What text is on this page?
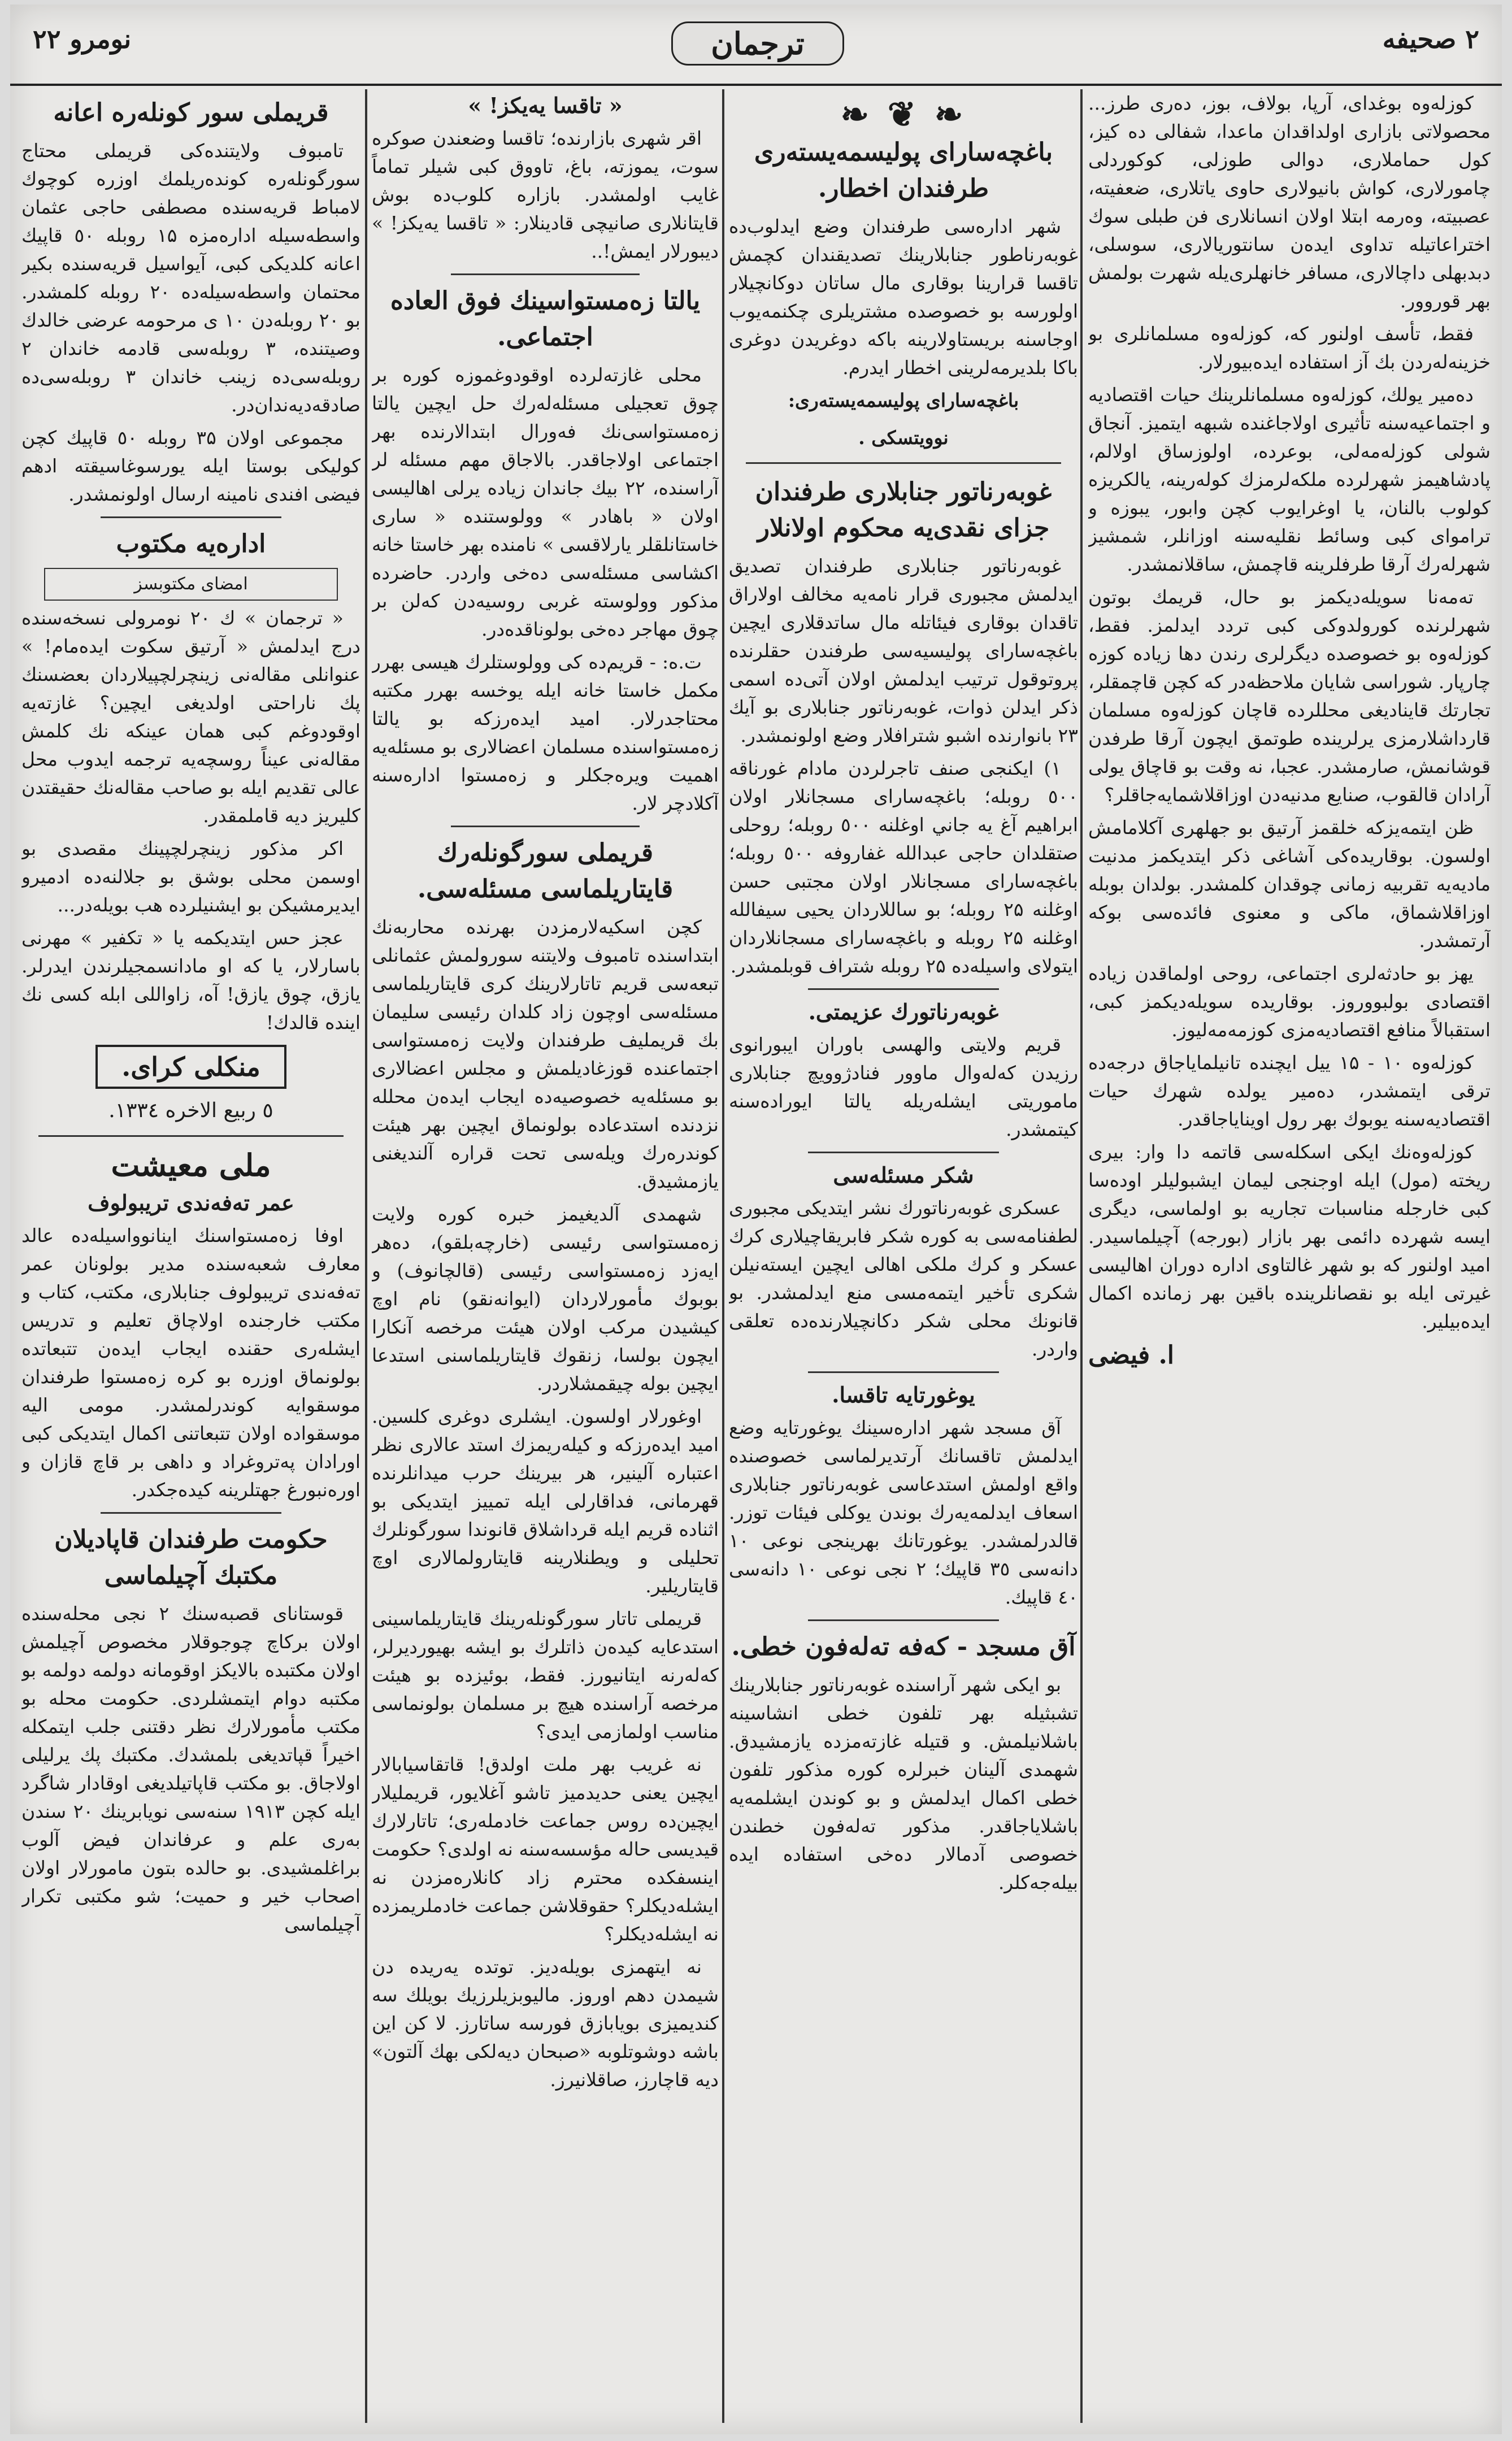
نومرو ۲۲	ترجمان	۲ صحيفه

كوزلەوه بوغداى، آرپا، بولاف، بوز، دەرى طرز... محصولاتى بازارى اولداقدان ماعدا، شفالى ده كيز، كول حماملارى، دوالى طوزلى، كوكوردلى چامورلارى، كواش بانيولارى حاوى ياتلارى، ضعفيته، عصبيته، وەرمه ابتلا اولان انسانلارى فن طبلى سوك اختراعاتيله تداوى ايدەن سانتوريالارى، سوسلى، دبدبهلى داچالارى، مسافر خانهلرى‌يله شهرت بولمش بهر قوروور.

فقط، تأسف اولنور كه، كوزلەوه مسلمانلرى بو خزينه‌لەردن بك آز استفاده ايدەبيورلار.

دەمير يولك، كوزلەوه مسلمانلرينك حيات اقتصاديه و اجتماعيه‌سنه تأثيرى اولاجاغندە شبهه ايتميز. آنجاق شولى كوزلەمەلى، بوعرده، اولوزساق اولالم، پادشاهيمز شهرلردە ملكەلرمزك كولەرينه، يالكريزە كولوب بالنان، يا اوغرايوب كچن وابور، يبوزه و ترامواى كبى وسائط نقليه‌سنه اوزانلر، شمشيز شهرلەرك آرقا طرفلرينه قاچمش، ساقلانمشدر.

تەمەنا سويلەديكمز بو حال، قريمك بوتون شهرلرندە كورولدوكى كبى تردد ايدلمز. فقط، كوزلەوه بو خصوصدە ديگرلرى رندن دها زياده كوزه چارپار. شوراسى شايان ملاحظه‌در كه كچن قاچمقلر، تجارتك قايناديغى محللرده قاچان كوزلەوه مسلمان قاردا‌شلارمزى يرلرينده طوتمق ايچون آرقا طرفدن قوشانمش، صارمشدر. عجبا، نه وقت بو قاچاق يولى آرادان قالقوب، صنايع مدنيه‌دن اوزاقلاشمايه‌جاقلر؟

ظن ايتمه‌يزكه خلقمز آرتيق بو جهلهرى آكلامامش اولسون. بوقاريدەكى آشاغى ذكر ايتديكمز مدنيت ماديه‌يه تقربيه زمانى چوقدان كلمشدر. بولدان بوبله اوزاقلاشماق، ماكى و معنوى فائدەسى بوكه آرتمشدر.

يهز بو حادثەلرى اجتماعى، روحى اولماقدن زياده اقتصادى بولبووروز. بوقاريده سويلەديكمز كبى، استقبالاً منافع اقتصاديه‌مزى كوزمەمەليوز.

كوزلەوه ۱۰ - ۱۵ ييل ايچنده تانيلماياجاق درجه‌ده ترقى ايتمشدر، دەمير يولده شهرك حيات اقتصاديه‌سنه يوبوك بهر رول اويناياجاقدر.

كوزلەوه‌نك ايكى اسكله‌سى قاتمه دا وار: بيرى ريخته (مول) ايله اوجنجى ليمان ايشبوليلر اوده‌سا كبى خارجله مناسبات تجاريه بو اولماسى، ديگرى ايسه شهرده دائمى بهر بازار (بورجه) آچيلماسيدر. اميد اولنور كه بو شهر غالتاوى اداره دوران اهاليسى غيرتى ايله بو نقصانلرينده باقين بهر زمانده اكمال ايدەبيلير.

ا. فيضى
❧ ❦ ❧
باغچەسارای پولیسمەیستەرى طرفندان اخطار.

شهر ادارەسى طرفندان وضع ايدلوب‌ده غوبەرناطور جنابلارينك تصديقندان كچمش تاقسا قرارينا بوقارى مال ساتان دوكانچيلار اولورسه بو خصوصده مشتريلرى چكنمه‌يوب اوجاسنه بريستاولارينه باكه دوغريدن دوغرى باكا بلديرمه‌لرينى اخطار ايدرم.

باغچەسارای پولیسمەیستەرى:
نوويتسكى .
غوبەرناتور جنابلارى طرفندان جزاى نقدى‌يه محكوم اولانلار

غوبەرناتور جنابلارى طرفندان تصديق ايدلمش مجبورى قرار نامه‌يه مخالف اولاراق تاقدان بوقارى فيئاتله مال ساتدقلارى ايچين باغچەسارای پوليسيه‌سى طرفندن حقلرنده پروتوقول ترتيب ايدلمش اولان آتى‌ده اسمى ذكر ايدلن ذوات، غوبەرناتور جنابلارى بو آيك ۲۳ بانوارنده اشبو شترافلار وضع اولونمشدر.

۱) ايكنجى صنف تاجرلردن مادام غورناقه ٥٠٠ روبله؛ باغچەسارای مسجانلار اولان ابراهيم آغ يه جاني اوغلنه ٥٠٠ روبله؛ روحلى صتقلدان حاجى عبدالله غفاروفه ٥٠٠ روبله؛ باغچەسارای مسجانلار اولان مجتبى حسن اوغلنه ۲۵ روبله؛ بو ساللاردان يحيى سيفالله اوغلنه ۲۵ روبله و باغچەسارای مسجانلاردان ايتولاى واسيله‌ده ۲۵ روبله شتراف قوبلمشدر.

غوبەرناتورك عزيمتى.

قريم ولايتى والهسى باوران ايبورانوى رزيدن كەلەوال ماوور فنادژوويچ جنابلارى ماموريتى ايشلەريله يالتا ايورادەسنه كيتمشدر.

شكر مسئله‌سى

عسكرى غوبەرناتورك نشر ايتديكى مجبورى لطفنامه‌سى به كوره شكر فابريقاچيلارى كرك عسكر و كرك ملكى اهالى ايچين ايسته‌نيلن شكرى تأخير ايتمەمسى منع ايدلمشدر. بو قانونك محلى شكر دكانچيلارندەده تعلقى واردر.

يوغورتايه تاقسا.

آق مسجد شهر ادارەسينك يوغورتايه وضع ايدلمش تاقسانك آرتديرلماسى خصوصنده واقع اولمش استدعاسى غوبەرناتور جنابلارى اسعاف ايدلمه‌يه‌رك بوندن يوكلى فيئات توزر. قالدرلمشدر. يوغورتانك بهرينجى نوعى ١٠ دانه‌سى ٣٥ قاپيك؛ ٢ نجى نوعى ١٠ دانه‌سى ٤٠ قاپيك.

آق مسجد - كەفه تەلەفون خطى.

بو ايكى شهر آراسنده غوبەرناتور جنابلارينك تشبثيله بهر تلفون خطى انشاسينه باشلانيلمش. و قتيله غازته‌مزده يازمشيدق. شهمدى آلينان خبرلره كوره مذكور تلفون خطى اكمال ايدلمش و بو كوندن ايشلمه‌يه باشلاياجاقدر. مذكور تەلەفون خطندن خصوصى آدمالار ده‌خى استفاده ايده بيله‌جەكلر.

« تاقسا يه‌يكز! »

اقر شهرى بازارنده؛ تاقسا وضعندن صوكره سوت، يموزته، باغ، تاووق كبى شيلر تماماً غايب اولمشدر. بازاره كلوب‌ده بوش قايتانلارى صانيچى قادينلار: « تاقسا يه‌يكز! » ديبورلار ايمش!..

يالتا زەمستواسينك فوق العاده اجتماعى.

محلى غازته‌لرده اوقودوغموزه كوره بر چوق تعجيلى مسئله‌لەرك حل ايچين يالتا زەمستواسى‌نك فەورال ابتدالارنده بهر اجتماعى اولاجاقدر. بالاجاق مهم مسئله لر آراسنده، ۲۲ بيك جاندان زياده يرلى اهاليسى اولان « باهادر » وولوستنده « سارى خاستانلقلر يارلاقسى » نامنده بهر خاستا خانه اكشاسى مسئله‌سى ده‌خى واردر. حاضرده مذكور وولوسته غربى روسيه‌دن كه‌لن بر چوق مهاجر ده‌خى بولوناقده‌در.

ت.ه: - قريم‌ده كى وولوستلرك هيسى بهرر مكمل خاستا خانه ايله يوخسه بهرر مكتبه محتاجدرلار. اميد ايدەرزكه بو يالتا زەمستواسنده مسلمان اعضالارى بو مسئله‌يه اهميت ويره‌جكلر و زەمستوا ادارەسنه آكلادچر لار.

قريملى سورگونلەرك قايتاريلماسى مسئله‌سى.

كچن اسكيه‌لارمزدن بهرنده محاربه‌نك ابتداسنده تامبوف ولايتنه سورولمش عثمانلى تبعه‌سى قريم تاتارلارينك كرى قايتاريلماسى مسئله‌سى اوچون زاد كلدان رئيسى سليمان بك قريمليف طرفندان ولايت زەمستواسى اجتماعنده قوزغاديلمش و مجلس اعضالارى بو مسئله‌يه خصوصيه‌ده ايجاب ايدەن محلله نزدنده استدعاده بولونماق ايچين بهر هيئت كوندره‌رك ويله‌سى تحت قراره آلنديغنى يازمشيدق.

شهمدى آلديغيمز خبره كوره ولايت زەمستواسى رئيسى (خارچەبلقو)، ده‌هر ايه‌زد زەمستواسى رئيسى (قالچانوف) و بوبوك مأمورلاردان (ايوانه‌نقو) نام اوچ كيشيدن مركب اولان هيئت مرخصه آنكارا ايچون بولسا، زنقوك قايتاريلماسنى استدعا ايچين بوله چيقمشلاردر.

اوغورلار اولسون. ايشلرى دوغرى كلسين. اميد ايدەرزكه و كيلەريمزك استد عالارى نظر اعتباره آلينير، هر بيرينك حرب ميدانلرنده قهرمانى، فداقارلى ايله تمييز ايتديكى بو اثناده قريم ايله قرداشلاق قانوندا سورگونلرك تحليلى و ويطنلارينه قايتارولمالارى اوچ قايتاريلير.

قريملى تاتار سورگونلەرينك قايتاريلماسينى استدعايه كيده‌ن ذاتلرك بو ايشه بهيورديرلر، كەلەرنه ايتانيورز. فقط، بوئيزده بو هيئت مرخصه آراسنده هيچ بر مسلمان بولونماسى مناسب اولمازمى ايدى؟

نه غريب بهر ملت اولدق! قاتقاسيابالار ايچين يعنى حديدميز تاشو آغلايور، قريمليلار ايچين‌ده روس جماعت خادملەرى؛ تاتارلارك قيديسى حاله مؤسسه‌سنه نه اولدى؟ حكومت اينسفكده محترم زاد كانلارەمزدن نه ايشلەديكلر؟ حقوقلاشن جماعت خادملريمزده نه ايشلەديكلر؟

نه ايتهمزى بويلەديز. توتده يه‌ريده دن شيمدن دهم اوروز. ماليوبزيلرزيك بويلك سه كنديميزى بويابازق فورسه ساتارز. لا كن اين باشه دوشوتلوبه «صبحان ديه‌لكى بهك آلتون» ديه قاچارز، صاقلانيرز.

قريملى سور كونلەره اعانه

تامبوف ولايتنده‌كى قريملى محتاج سورگونلەره كوندەريلمك اوزره كوچوك لامباط قريه‌سنده مصطفى حاجى عثمان واسطه‌سيله ادارەمزه ۱۵ روبله ٥٠ قاپيك اعانه كلديكى كبى، آيواسيل قريه‌سنده بكير محتمان واسطه‌سيله‌ده ۲۰ روبله كلمشدر. بو ۲۰ روبله‌دن ۱۰ ى مرحومه عرضى خالدك وصيتنده، ۳ روبله‌سى قادمه خاندان ۲ روبله‌سى‌ده زينب خاندان ۳ روبله‌سى‌ده صادقه‌ديه‌ندان‌در.

مجموعى اولان ۳۵ روبله ٥٠ قاپيك كچن كوليكى بوستا ايله يورسوغاسيقته ادهم فيضى افندى نامينه ارسال اولونمشدر.

اداره‌يه مكتوب
امضاى مكتوبسز

« ترجمان » ك ۲۰ نومرولى نسخه‌سنده درج ايدلمش « آرتيق سكوت ايدەمام! » عنوانلى مقالەنى زينچرلچپيلاردان بعضسنك پك ناراحتى اولديغى ايچين؟ غازته‌يه اوقودوغم كبى همان عينكه نك كلمش مقالەنى عيناً روسچه‌يه ترجمه ايدوب محل عالى تقديم ايله بو صاحب مقاله‌نك حقيقتدن كليريز ديه قاملمقدر.

اكر مذكور زينچرلچپينك مقصدى بو اوسمن محلى بوشق بو جلالنه‌ده ادميرو ايديرمشيكن بو ايشنيلرده هب بويلەدر...

عجز حس ايتديكمه يا « تكفير » مهرنى باسارلار، يا كه او مادانسمجيلرندن ايدرلر. يازق، چوق يازق! آه، زاواللى ابله كسى نك اينده قالدك!

منكلى كراى.
٥ ربيع الاخره ١٣٣٤.
ملى معيشت
عمر تەفەندى تريبولوف

اوفا زەمستواسنك اينانوواسيله‌ده عالد معارف شعبه‌سنده مدير بولونان عمر تەفەندى تريبولوف جنابلارى، مكتب، كتاب و مكتب خارجنده اولاچاق تعليم و تدريس ايشلەرى حقنده ايجاب ايدەن تتبعاتده بولونماق اوزره بو كره زەمستوا طرفندان موسقوايه كوندرلمشدر. مومى اليه موسقواده اولان تتبعاتنى اكمال ايتديكى كبى اورادان پەتروغراد و داهى بر قاچ قازان و اورەنبورغ جهتلرينه كيده‌جكدر.

حكومت طرفندان قاپاديلان مكتبك آچيلماسى

قوستانای قصبه‌سنك ۲ نجى محله‌سنده اولان بركاچ چوجوقلار مخصوص آچيلمش اولان مكتبده بالايكز اوقومانه دولمه دولمه بو مكتبه دوام ايتمشلردى. حكومت محله بو مكتب مأمورلارك نظر دقتنى جلب ايتمكله اخيراً قپاتديغى بلمشدك. مكتبك پك يرليلى اولاجاق. بو مكتب قاپاتيلديغى اوقادار شاگرد ايله كچن ۱۹۱۳ سنه‌سى نويابرينك ۲۰ سندن بەرى علم و عرفاندان فيض آلوب براغلمشيدى. بو حالده بتون مامورلار اولان اصحاب خير و حميت؛ شو مكتبى تكرار آچيلماسى
